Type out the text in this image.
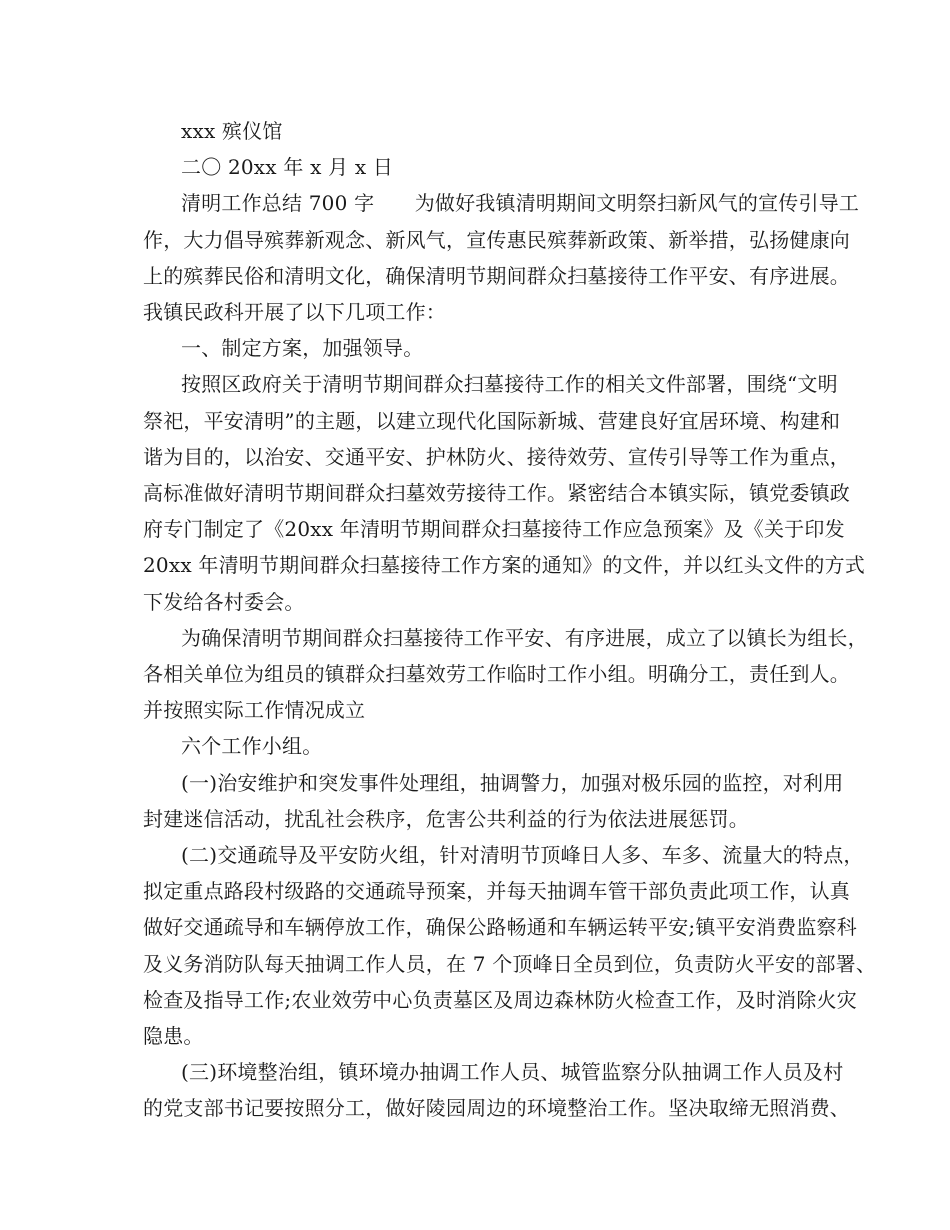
xxx 殡仪馆
二〇 20xx 年 x 月 x 日
清明工作总结 700 字　　为做好我镇清明期间文明祭扫新风气的宣传引导工
作，大力倡导殡葬新观念、新风气，宣传惠民殡葬新政策、新举措，弘扬健康向
上的殡葬民俗和清明文化，确保清明节期间群众扫墓接待工作平安、有序进展。
我镇民政科开展了以下几项工作：
一、制定方案，加强领导。
按照区政府关于清明节期间群众扫墓接待工作的相关文件部署，围绕“文明
祭祀，平安清明”的主题，以建立现代化国际新城、营建良好宜居环境、构建和
谐为目的，以治安、交通平安、护林防火、接待效劳、宣传引导等工作为重点，
高标准做好清明节期间群众扫墓效劳接待工作。紧密结合本镇实际，镇党委镇政
府专门制定了《20xx 年清明节期间群众扫墓接待工作应急预案》及《关于印发
20xx 年清明节期间群众扫墓接待工作方案的通知》的文件，并以红头文件的方式
下发给各村委会。
为确保清明节期间群众扫墓接待工作平安、有序进展，成立了以镇长为组长，
各相关单位为组员的镇群众扫墓效劳工作临时工作小组。明确分工，责任到人。
并按照实际工作情况成立
六个工作小组。
(一)治安维护和突发事件处理组，抽调警力，加强对极乐园的监控，对利用
封建迷信活动，扰乱社会秩序，危害公共利益的行为依法进展惩罚。
(二)交通疏导及平安防火组，针对清明节顶峰日人多、车多、流量大的特点，
拟定重点路段村级路的交通疏导预案，并每天抽调车管干部负责此项工作，认真
做好交通疏导和车辆停放工作，确保公路畅通和车辆运转平安;镇平安消费监察科
及义务消防队每天抽调工作人员，在 7 个顶峰日全员到位，负责防火平安的部署、
检查及指导工作;农业效劳中心负责墓区及周边森林防火检查工作，及时消除火灾
隐患。
(三)环境整治组，镇环境办抽调工作人员、城管监察分队抽调工作人员及村
的党支部书记要按照分工，做好陵园周边的环境整治工作。坚决取缔无照消费、
